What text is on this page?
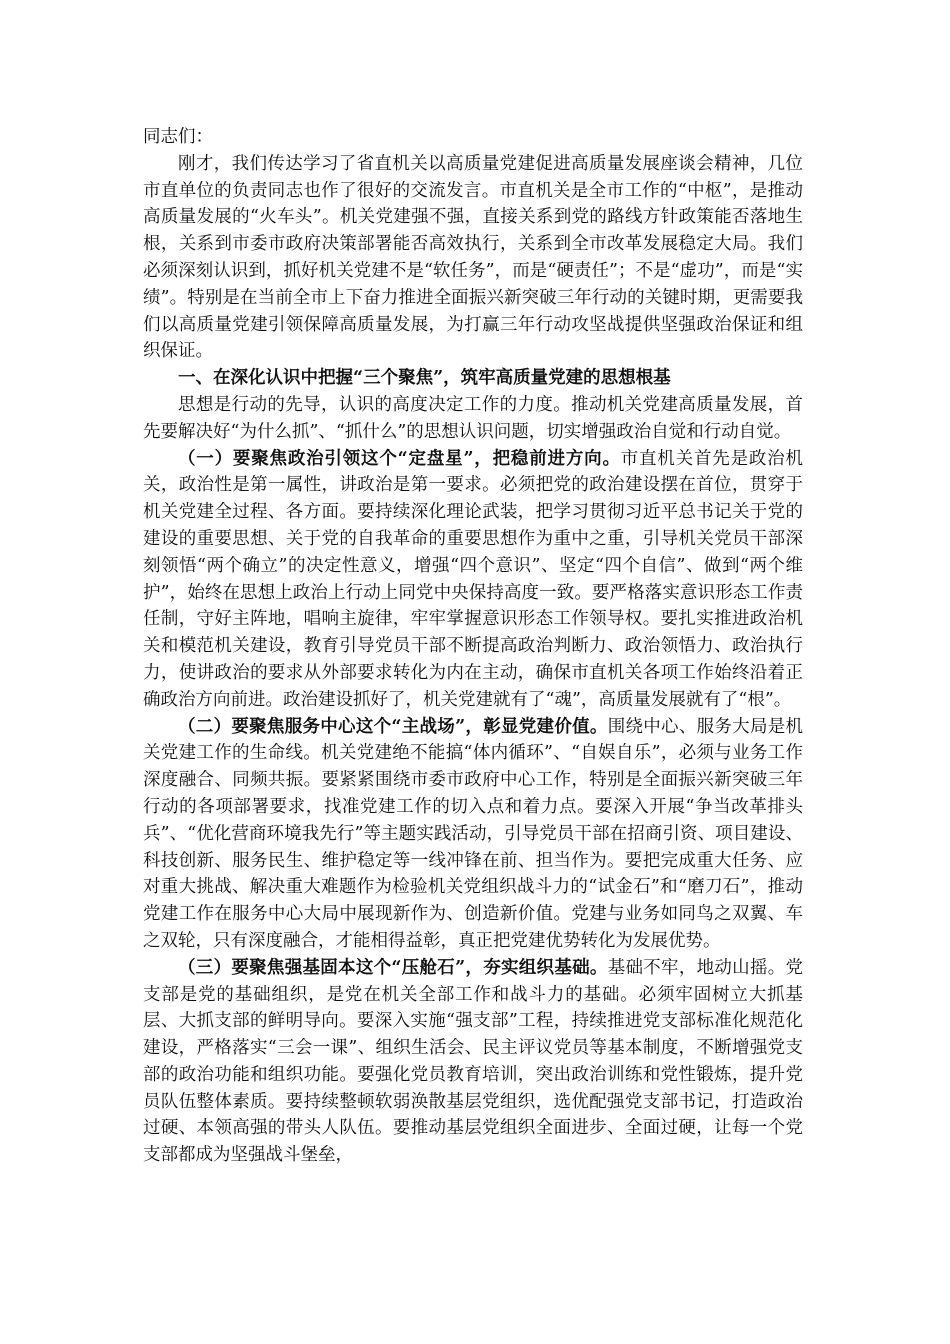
同志们：

刚才，我们传达学习了省直机关以高质量党建促进高质量发展座谈会精神，几位市直单位的负责同志也作了很好的交流发言。市直机关是全市工作的“中枢”，是推动高质量发展的“火车头”。机关党建强不强，直接关系到党的路线方针政策能否落地生根，关系到市委市政府决策部署能否高效执行，关系到全市改革发展稳定大局。我们必须深刻认识到，抓好机关党建不是“软任务”，而是“硬责任”；不是“虚功”，而是“实绩”。特别是在当前全市上下奋力推进全面振兴新突破三年行动的关键时期，更需要我们以高质量党建引领保障高质量发展，为打赢三年行动攻坚战提供坚强政治保证和组织保证。

一、在深化认识中把握“三个聚焦”，筑牢高质量党建的思想根基

思想是行动的先导，认识的高度决定工作的力度。推动机关党建高质量发展，首先要解决好“为什么抓”、“抓什么”的思想认识问题，切实增强政治自觉和行动自觉。

（一）要聚焦政治引领这个“定盘星”，把稳前进方向。市直机关首先是政治机关，政治性是第一属性，讲政治是第一要求。必须把党的政治建设摆在首位，贯穿于机关党建全过程、各方面。要持续深化理论武装，把学习贯彻习近平总书记关于党的建设的重要思想、关于党的自我革命的重要思想作为重中之重，引导机关党员干部深刻领悟“两个确立”的决定性意义，增强“四个意识”、坚定“四个自信”、做到“两个维护”，始终在思想上政治上行动上同党中央保持高度一致。要严格落实意识形态工作责任制，守好主阵地，唱响主旋律，牢牢掌握意识形态工作领导权。要扎实推进政治机关和模范机关建设，教育引导党员干部不断提高政治判断力、政治领悟力、政治执行力，使讲政治的要求从外部要求转化为内在主动，确保市直机关各项工作始终沿着正确政治方向前进。政治建设抓好了，机关党建就有了“魂”，高质量发展就有了“根”。

（二）要聚焦服务中心这个“主战场”，彰显党建价值。围绕中心、服务大局是机关党建工作的生命线。机关党建绝不能搞“体内循环”、“自娱自乐”，必须与业务工作深度融合、同频共振。要紧紧围绕市委市政府中心工作，特别是全面振兴新突破三年行动的各项部署要求，找准党建工作的切入点和着力点。要深入开展“争当改革排头兵”、“优化营商环境我先行”等主题实践活动，引导党员干部在招商引资、项目建设、科技创新、服务民生、维护稳定等一线冲锋在前、担当作为。要把完成重大任务、应对重大挑战、解决重大难题作为检验机关党组织战斗力的“试金石”和“磨刀石”，推动党建工作在服务中心大局中展现新作为、创造新价值。党建与业务如同鸟之双翼、车之双轮，只有深度融合，才能相得益彰，真正把党建优势转化为发展优势。

（三）要聚焦强基固本这个“压舱石”，夯实组织基础。基础不牢，地动山摇。党支部是党的基础组织，是党在机关全部工作和战斗力的基础。必须牢固树立大抓基层、大抓支部的鲜明导向。要深入实施“强支部”工程，持续推进党支部标准化规范化建设，严格落实“三会一课”、组织生活会、民主评议党员等基本制度，不断增强党支部的政治功能和组织功能。要强化党员教育培训，突出政治训练和党性锻炼，提升党员队伍整体素质。要持续整顿软弱涣散基层党组织，选优配强党支部书记，打造政治过硬、本领高强的带头人队伍。要推动基层党组织全面进步、全面过硬，让每一个党支部都成为坚强战斗堡垒，
